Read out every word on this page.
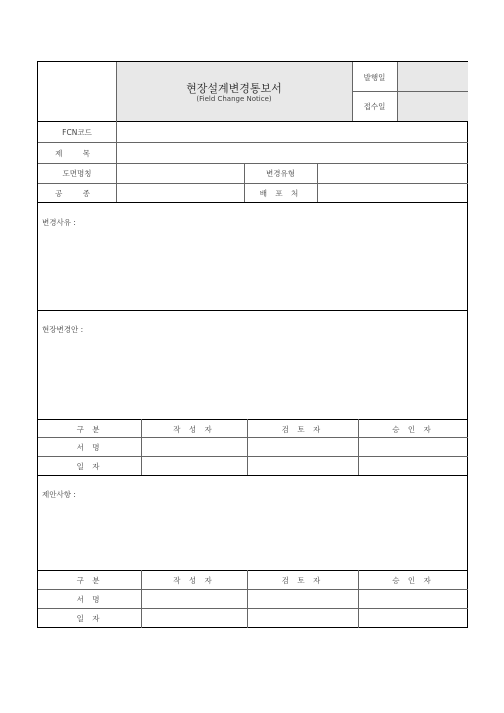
현장설계변경통보서
(Field Change Notice)
발행일
접수일
FCN코드
제 목
도면명칭	변경유형
공 종	배 포 처
변경사유 :
현장변경안 :
구 분	작 성 자	검 토 자	승 인 자
서 명
일 자
제안사항 :
구 분	작 성 자	검 토 자	승 인 자
서 명
일 자
